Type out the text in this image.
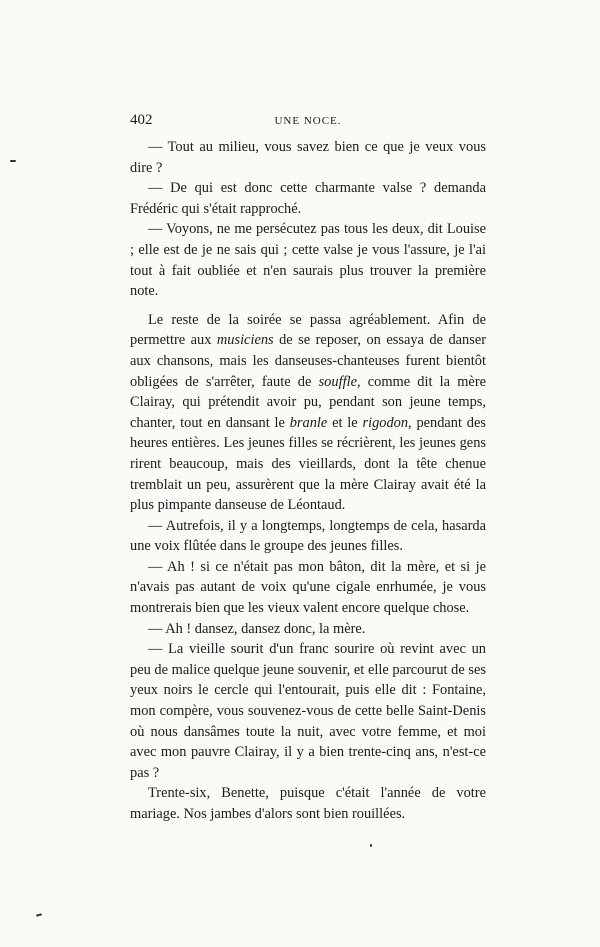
402	UNE NOCE.

— Tout au milieu, vous savez bien ce que je veux vous dire ?

— De qui est donc cette charmante valse ? demanda Frédéric qui s'était rapproché.

— Voyons, ne me persécutez pas tous les deux, dit Louise ; elle est de je ne sais qui ; cette valse je vous l'assure, je l'ai tout à fait oubliée et n'en saurais plus trouver la première note.

Le reste de la soirée se passa agréablement. Afin de permettre aux musiciens de se reposer, on essaya de danser aux chansons, mais les danseuses-chanteuses furent bientôt obligées de s'arrêter, faute de souffle, comme dit la mère Clairay, qui prétendit avoir pu, pendant son jeune temps, chanter, tout en dansant le branle et le rigodon, pendant des heures entières. Les jeunes filles se récrièrent, les jeunes gens rirent beaucoup, mais des vieillards, dont la tête chenue tremblait un peu, assurèrent que la mère Clairay avait été la plus pimpante danseuse de Léontaud.

— Autrefois, il y a longtemps, longtemps de cela, hasarda une voix flûtée dans le groupe des jeunes filles.

— Ah ! si ce n'était pas mon bâton, dit la mère, et si je n'avais pas autant de voix qu'une cigale enrhumée, je vous montrerais bien que les vieux valent encore quelque chose.

— Ah ! dansez, dansez donc, la mère.

— La vieille sourit d'un franc sourire où revint avec un peu de malice quelque jeune souvenir, et elle parcourut de ses yeux noirs le cercle qui l'entourait, puis elle dit : Fontaine, mon compère, vous souvenez-vous de cette belle Saint-Denis où nous dansâmes toute la nuit, avec votre femme, et moi avec mon pauvre Clairay, il y a bien trente-cinq ans, n'est-ce pas ?

Trente-six, Benette, puisque c'était l'année de votre mariage. Nos jambes d'alors sont bien rouillées.
